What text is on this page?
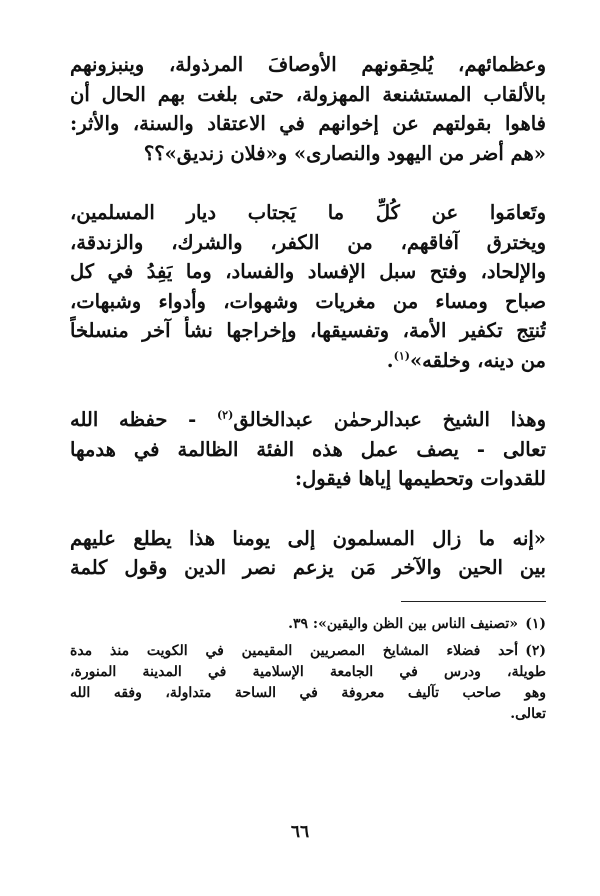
وعظمائهم، يُلحِقونهم الأوصافَ المرذولة، وينبزونهم
بالألقاب المستشنعة المهزولة، حتى بلغت بهم الحال أن
فاهوا بقولتهم عن إخوانهم في الاعتقاد والسنة، والأثر:
«هم أضر من اليهود والنصارى» و«فلان زنديق»؟؟

وتَعامَوا عن كُلِّ ما يَجتاب ديار المسلمين،
ويخترق آفاقهم، من الكفر، والشرك، والزندقة،
والإلحاد، وفتح سبل الإفساد والفساد، وما يَفِدُ في كل
صباح ومساء من مغريات وشهوات، وأدواء وشبهات،
تُنتِج تكفير الأمة، وتفسيقها، وإخراجها نشأً آخر منسلخاً
من دينه، وخلقه»$^{(١)}$.

وهذا الشيخ عبدالرحمٰن عبدالخالق$^{(٢)}$ - حفظه الله
تعالى - يصف عمل هذه الفئة الظالمة في هدمها
للقدوات وتحطيمها إياها فيقول:

«إنه ما زال المسلمون إلى يومنا هذا يطلع عليهم
بين الحين والآخر مَن يزعم نصر الدين وقول كلمة

(١)
«تصنيف الناس بين الظن واليقين»: ٣٩.
(٢)
أحد فضلاء المشايخ المصريين المقيمين في الكويت منذ مدة
طويلة، ودرس في الجامعة الإسلامية في المدينة المنورة،
وهو صاحب تآليف معروفة في الساحة متداولة، وفقه الله
تعالى.
٦٦
